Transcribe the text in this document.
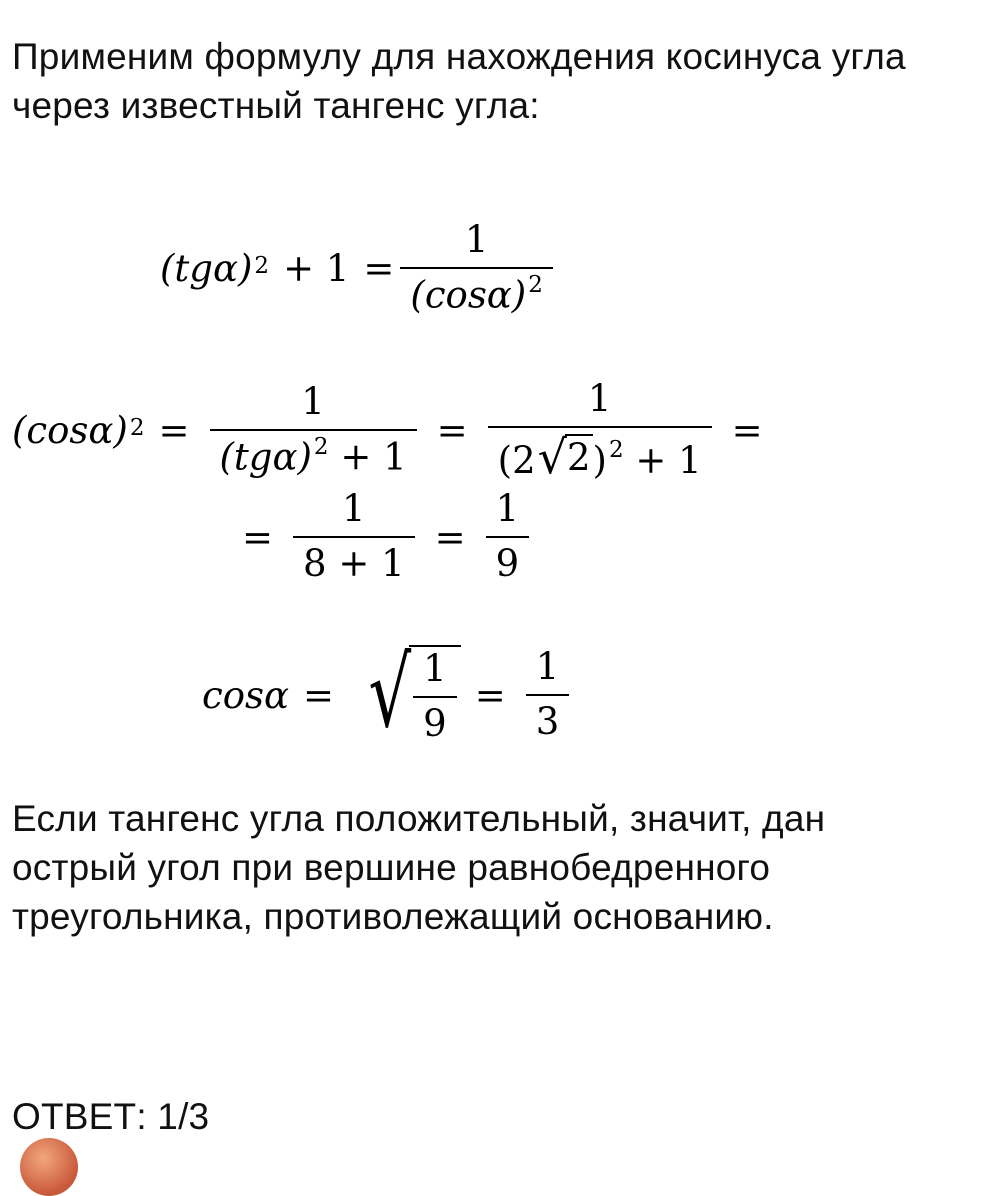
Применим формулу для нахождения косинуса угла
через известный тангенс угла:

$(tg\alpha)^2 + 1 = \frac{1}{(\cos\alpha)^2}$
$(\cos\alpha)^2 = \frac{1}{(tg\alpha)^2 + 1} = \frac{1}{(2 √ 2 )^2 + 1}$ =
= $\frac{1}{8 + 1} = \frac{1}{9}$
cosα = √ $\frac{1}{9} = \frac{1}{3}$

Если тангенс угла положительный, значит, дан
острый угол при вершине равнобедренного
треугольника, противолежащий основанию.

ОТВЕТ: 1/3
